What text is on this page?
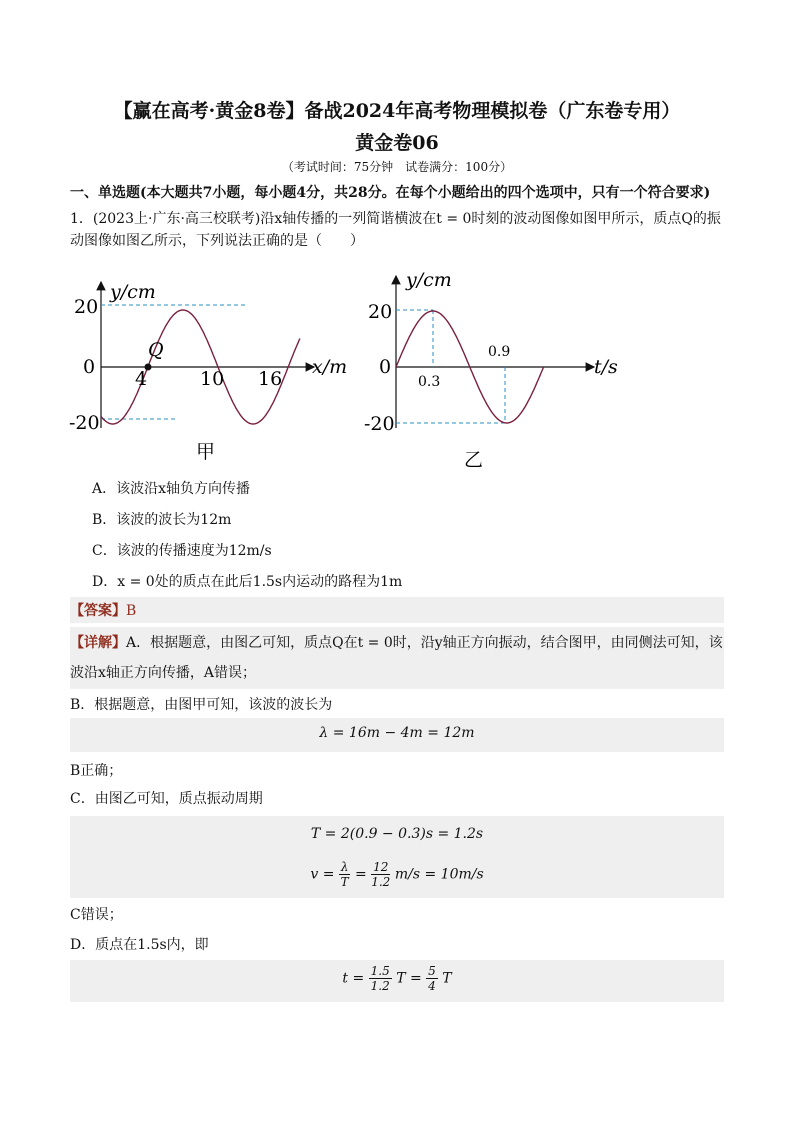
【赢在高考·黄金8卷】备战2024年高考物理模拟卷（广东卷专用）
黄金卷06
（考试时间：75分钟　试卷满分：100分）
一、单选题(本大题共7小题，每小题4分，共28分。在每个小题给出的四个选项中，只有一个符合要求)
1．(2023上·广东·高三校联考)沿x轴传播的一列简谐横波在t = 0时刻的波动图像如图甲所示，质点Q的振
动图像如图乙所示，下列说法正确的是（　　）
Q
y/cm
x/m
20
0
-20
4	10 16
甲
y/cm
t/s
20
0
-20
0.3
0.9
乙
A．该波沿x轴负方向传播
B．该波的波长为12m
C．该波的传播速度为12m/s
D．x = 0处的质点在此后1.5s内运动的路程为1m
【答案】B
【详解】A．根据题意，由图乙可知，质点Q在t = 0时，沿y轴正方向振动，结合图甲，由同侧法可知，该
波沿x轴正方向传播，A错误；
B．根据题意，由图甲可知，该波的波长为
λ = 16m − 4m = 12m
B正确；
C．由图乙可知，质点振动周期
T = 2(0.9 − 0.3)s = 1.2s
$v = \frac{\lambda}{T} = \frac{12}{1.2} m/s = 10m/s$
C错误；
D．质点在1.5s内，即
$t = \frac{1.5}{1.2}$ $T = \frac{5}{4}$ T
